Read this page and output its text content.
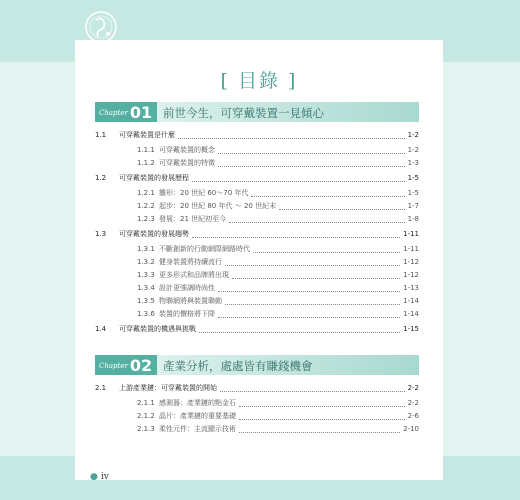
[ 目錄 ]
Chapter 01 前世今生，可穿戴裝置一見傾心
1.1	可穿戴裝置是什麼	1-2
1.1.1 可穿戴裝置的概念	1-2
1.1.2 可穿戴裝置的特徵	1-3
1.2	可穿戴裝置的發展歷程	1-5
1.2.1 雛形：20 世紀 60～70 年代	1-5
1.2.2 起步：20 世紀 80 年代 ～ 20 世紀末	1-7
1.2.3 發展：21 世紀初至今	1-8
1.3	可穿戴裝置的發展趨勢	1-11
1.3.1 不斷創新的行動網際網路時代	1-11
1.3.2 健身裝置將持續流行	1-12
1.3.3 更多形式和品牌將出現	1-12
1.3.4 設計更強調時尚性	1-13
1.3.5 物聯網將與裝置聯動	1-14
1.3.6 裝置的價格將下降	1-14
1.4	可穿戴裝置的機遇與挑戰	1-15
Chapter 02 產業分析，處處皆有賺錢機會
2.1	上游產業鏈：可穿戴裝置的開始	2-2
2.1.1 感測器：產業鏈的點金石	2-2
2.1.2 晶片：產業鏈的重要基礎	2-6
2.1.3 柔性元件：主流顯示技術	2-10
● iv
